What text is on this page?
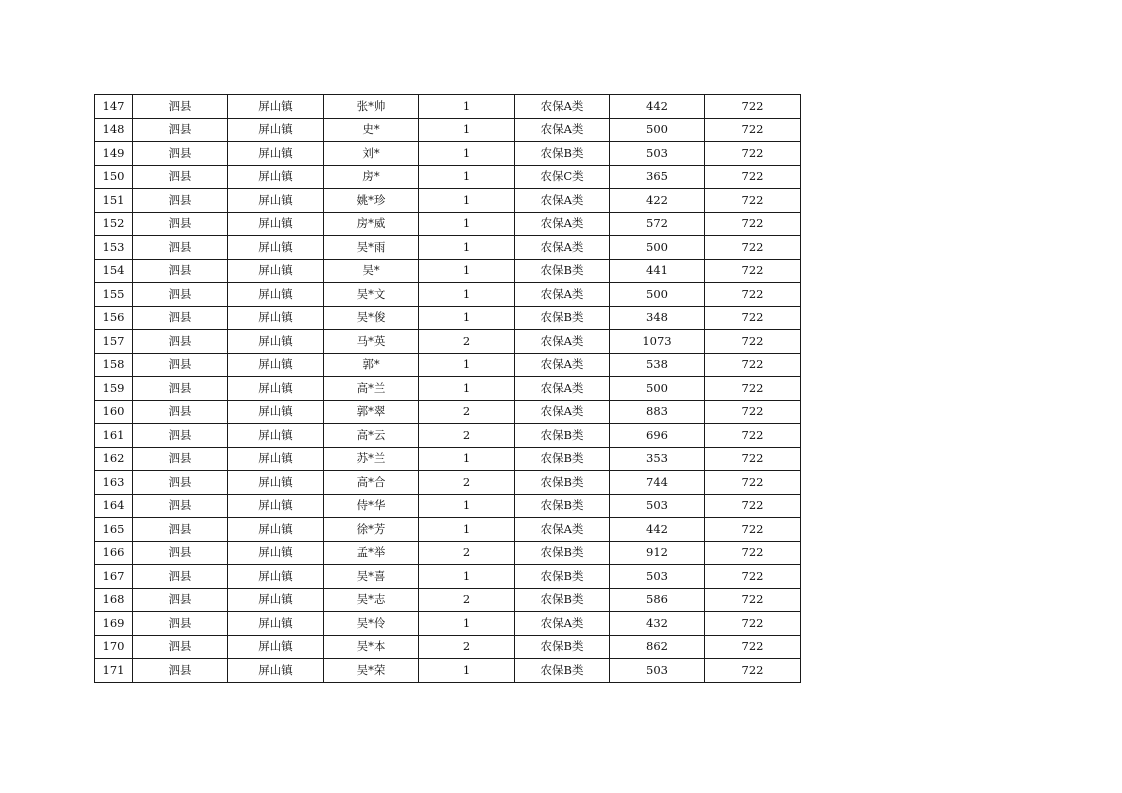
147	泗县	屏山镇	张*帅	1	农保A类	442	722
148	泗县	屏山镇	史*	1	农保A类	500	722
149	泗县	屏山镇	刘*	1	农保B类	503	722
150	泗县	屏山镇	房*	1	农保C类	365	722
151	泗县	屏山镇	姚*珍	1	农保A类	422	722
152	泗县	屏山镇	房*威	1	农保A类	572	722
153	泗县	屏山镇	吴*雨	1	农保A类	500	722
154	泗县	屏山镇	吴*	1	农保B类	441	722
155	泗县	屏山镇	吴*文	1	农保A类	500	722
156	泗县	屏山镇	吴*俊	1	农保B类	348	722
157	泗县	屏山镇	马*英	2	农保A类	1073	722
158	泗县	屏山镇	郭*	1	农保A类	538	722
159	泗县	屏山镇	高*兰	1	农保A类	500	722
160	泗县	屏山镇	郭*翠	2	农保A类	883	722
161	泗县	屏山镇	高*云	2	农保B类	696	722
162	泗县	屏山镇	苏*兰	1	农保B类	353	722
163	泗县	屏山镇	高*合	2	农保B类	744	722
164	泗县	屏山镇	侍*华	1	农保B类	503	722
165	泗县	屏山镇	徐*芳	1	农保A类	442	722
166	泗县	屏山镇	孟*举	2	农保B类	912	722
167	泗县	屏山镇	吴*喜	1	农保B类	503	722
168	泗县	屏山镇	吴*志	2	农保B类	586	722
169	泗县	屏山镇	吴*伶	1	农保A类	432	722
170	泗县	屏山镇	吴*本	2	农保B类	862	722
171	泗县	屏山镇	吴*荣	1	农保B类	503	722
